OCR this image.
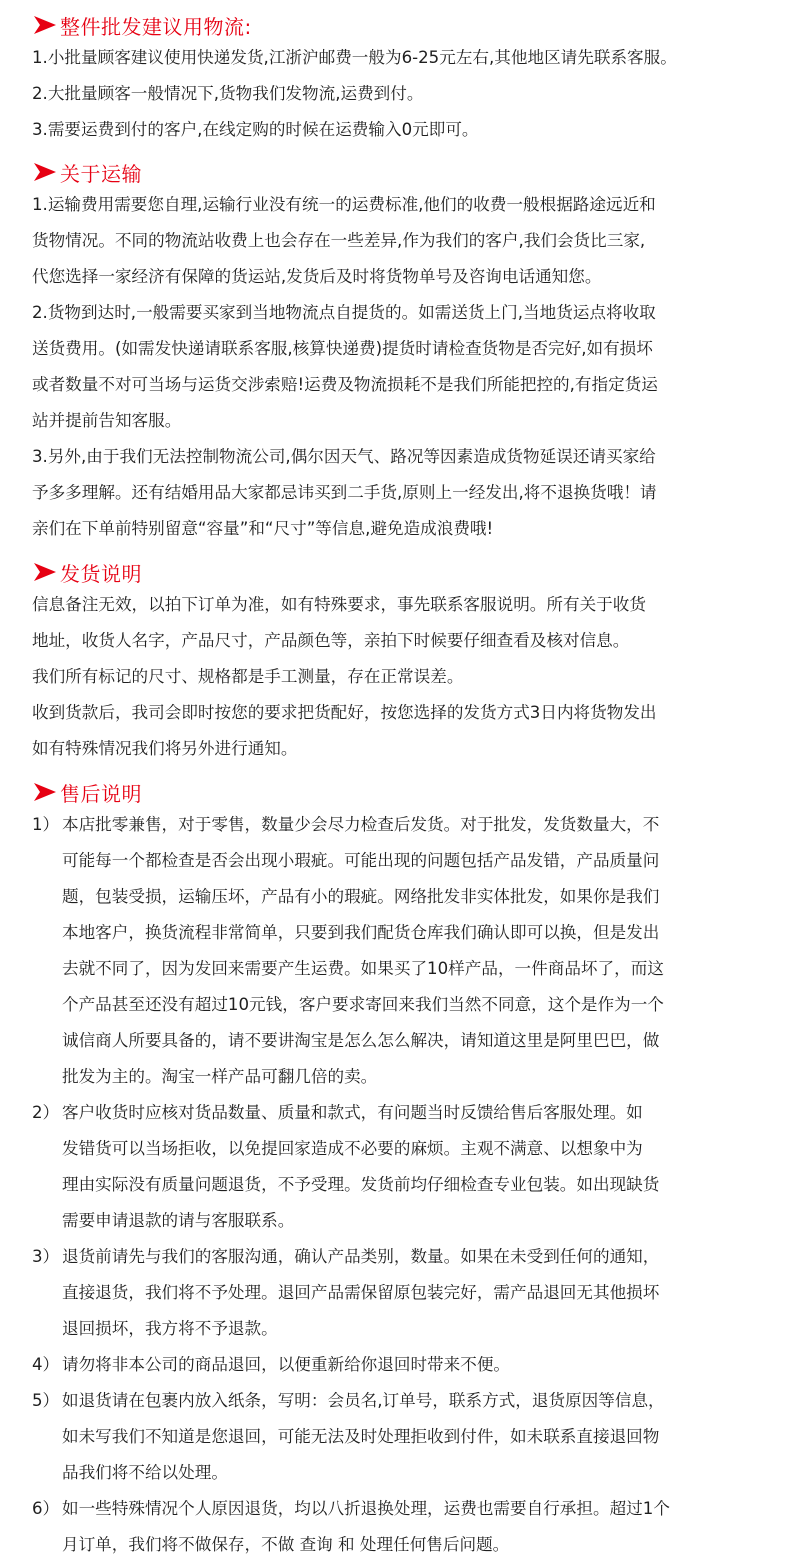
整件批发建议用物流:
1.小批量顾客建议使用快递发货,江浙沪邮费一般为6-25元左右,其他地区请先联系客服。
2.大批量顾客一般情况下,货物我们发物流,运费到付。
3.需要运费到付的客户,在线定购的时候在运费输入0元即可。
关于运输
1.运输费用需要您自理,运输行业没有统一的运费标准,他们的收费一般根据路途远近和
货物情况。不同的物流站收费上也会存在一些差异,作为我们的客户,我们会货比三家,
代您选择一家经济有保障的货运站,发货后及时将货物单号及咨询电话通知您。
2.货物到达时,一般需要买家到当地物流点自提货的。如需送货上门,当地货运点将收取
送货费用。(如需发快递请联系客服,核算快递费)提货时请检查货物是否完好,如有损坏
或者数量不对可当场与运货交涉索赔!运费及物流损耗不是我们所能把控的,有指定货运
站并提前告知客服。
3.另外,由于我们无法控制物流公司,偶尔因天气、路况等因素造成货物延误还请买家给
予多多理解。还有结婚用品大家都忌讳买到二手货,原则上一经发出,将不退换货哦！请
亲们在下单前特别留意“容量”和“尺寸”等信息,避免造成浪费哦!
发货说明
信息备注无效，以拍下订单为准，如有特殊要求，事先联系客服说明。所有关于收货
地址，收货人名字，产品尺寸，产品颜色等，亲拍下时候要仔细查看及核对信息。
我们所有标记的尺寸、规格都是手工测量，存在正常误差。
收到货款后，我司会即时按您的要求把货配好，按您选择的发货方式3日内将货物发出
如有特殊情况我们将另外进行通知。
售后说明
1） 本店批零兼售，对于零售，数量少会尽力检查后发货。对于批发，发货数量大，不
可能每一个都检查是否会出现小瑕疵。可能出现的问题包括产品发错，产品质量问
题，包装受损，运输压坏，产品有小的瑕疵。网络批发非实体批发，如果你是我们
本地客户，换货流程非常简单，只要到我们配货仓库我们确认即可以换，但是发出
去就不同了，因为发回来需要产生运费。如果买了10样产品，一件商品坏了，而这
个产品甚至还没有超过10元钱，客户要求寄回来我们当然不同意，这个是作为一个
诚信商人所要具备的，请不要讲淘宝是怎么怎么解决，请知道这里是阿里巴巴，做
批发为主的。淘宝一样产品可翻几倍的卖。
2） 客户收货时应核对货品数量、质量和款式，有问题当时反馈给售后客服处理。如
发错货可以当场拒收，以免提回家造成不必要的麻烦。主观不满意、以想象中为
理由实际没有质量问题退货，不予受理。发货前均仔细检查专业包装。如出现缺货
需要申请退款的请与客服联系。
3） 退货前请先与我们的客服沟通，确认产品类别，数量。如果在未受到任何的通知，
直接退货，我们将不予处理。退回产品需保留原包装完好，需产品退回无其他损坏
退回损坏，我方将不予退款。
4） 请勿将非本公司的商品退回，以便重新给你退回时带来不便。
5） 如退货请在包裹内放入纸条，写明：会员名,订单号，联系方式，退货原因等信息，
如未写我们不知道是您退回，可能无法及时处理拒收到付件，如未联系直接退回物
品我们将不给以处理。
6） 如一些特殊情况个人原因退货，均以八折退换处理，运费也需要自行承担。超过1个
月订单，我们将不做保存，不做 查询 和 处理任何售后问题。
